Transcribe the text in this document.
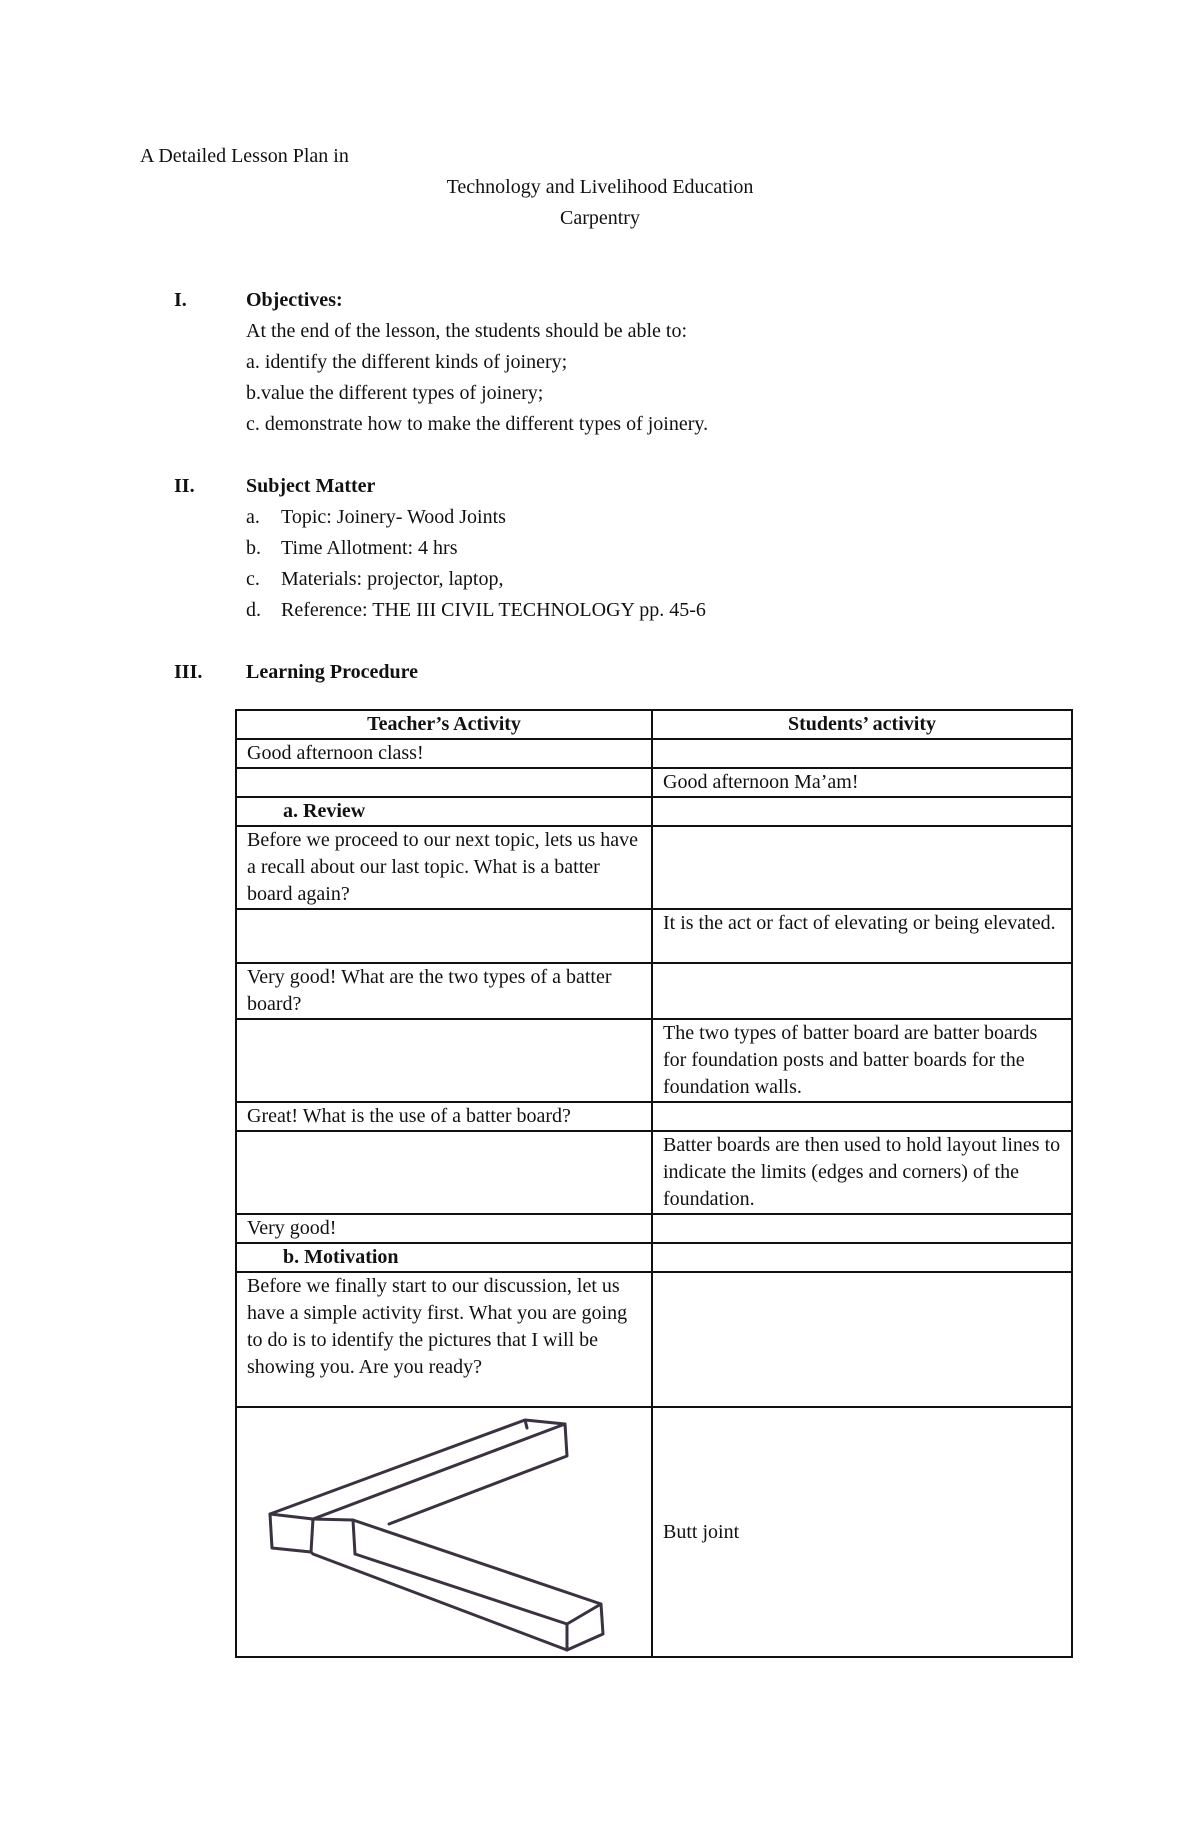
A Detailed Lesson Plan in
Technology and Livelihood Education
Carpentry
I.	Objectives:
At the end of the lesson, the students should be able to:
a. identify the different kinds of joinery;
b.value the different types of joinery;
c. demonstrate how to make the different types of joinery.
II.	Subject Matter
a. Topic: Joinery- Wood Joints
b. Time Allotment: 4 hrs
c. Materials: projector, laptop,
d. Reference: THE III CIVIL TECHNOLOGY pp. 45-6
III. Learning Procedure
Teacher’s Activity	Students’ activity
Good afternoon class!	
	Good afternoon Ma’am!
a. Review	
Before we proceed to our next topic, lets us have a recall about our last topic. What is a batter board again?	
	It is the act or fact of elevating or being elevated.
Very good! What are the two types of a batter board?	
	The two types of batter board are batter boards for foundation posts and batter boards for the foundation walls.
Great! What is the use of a batter board?	
	Batter boards are then used to hold layout lines to indicate the limits (edges and corners) of the foundation.
Very good!	
b. Motivation	
Before we finally start to our discussion, let us have a simple activity first. What you are going to do is to identify the pictures that I will be showing you. Are you ready?	

	Butt joint
